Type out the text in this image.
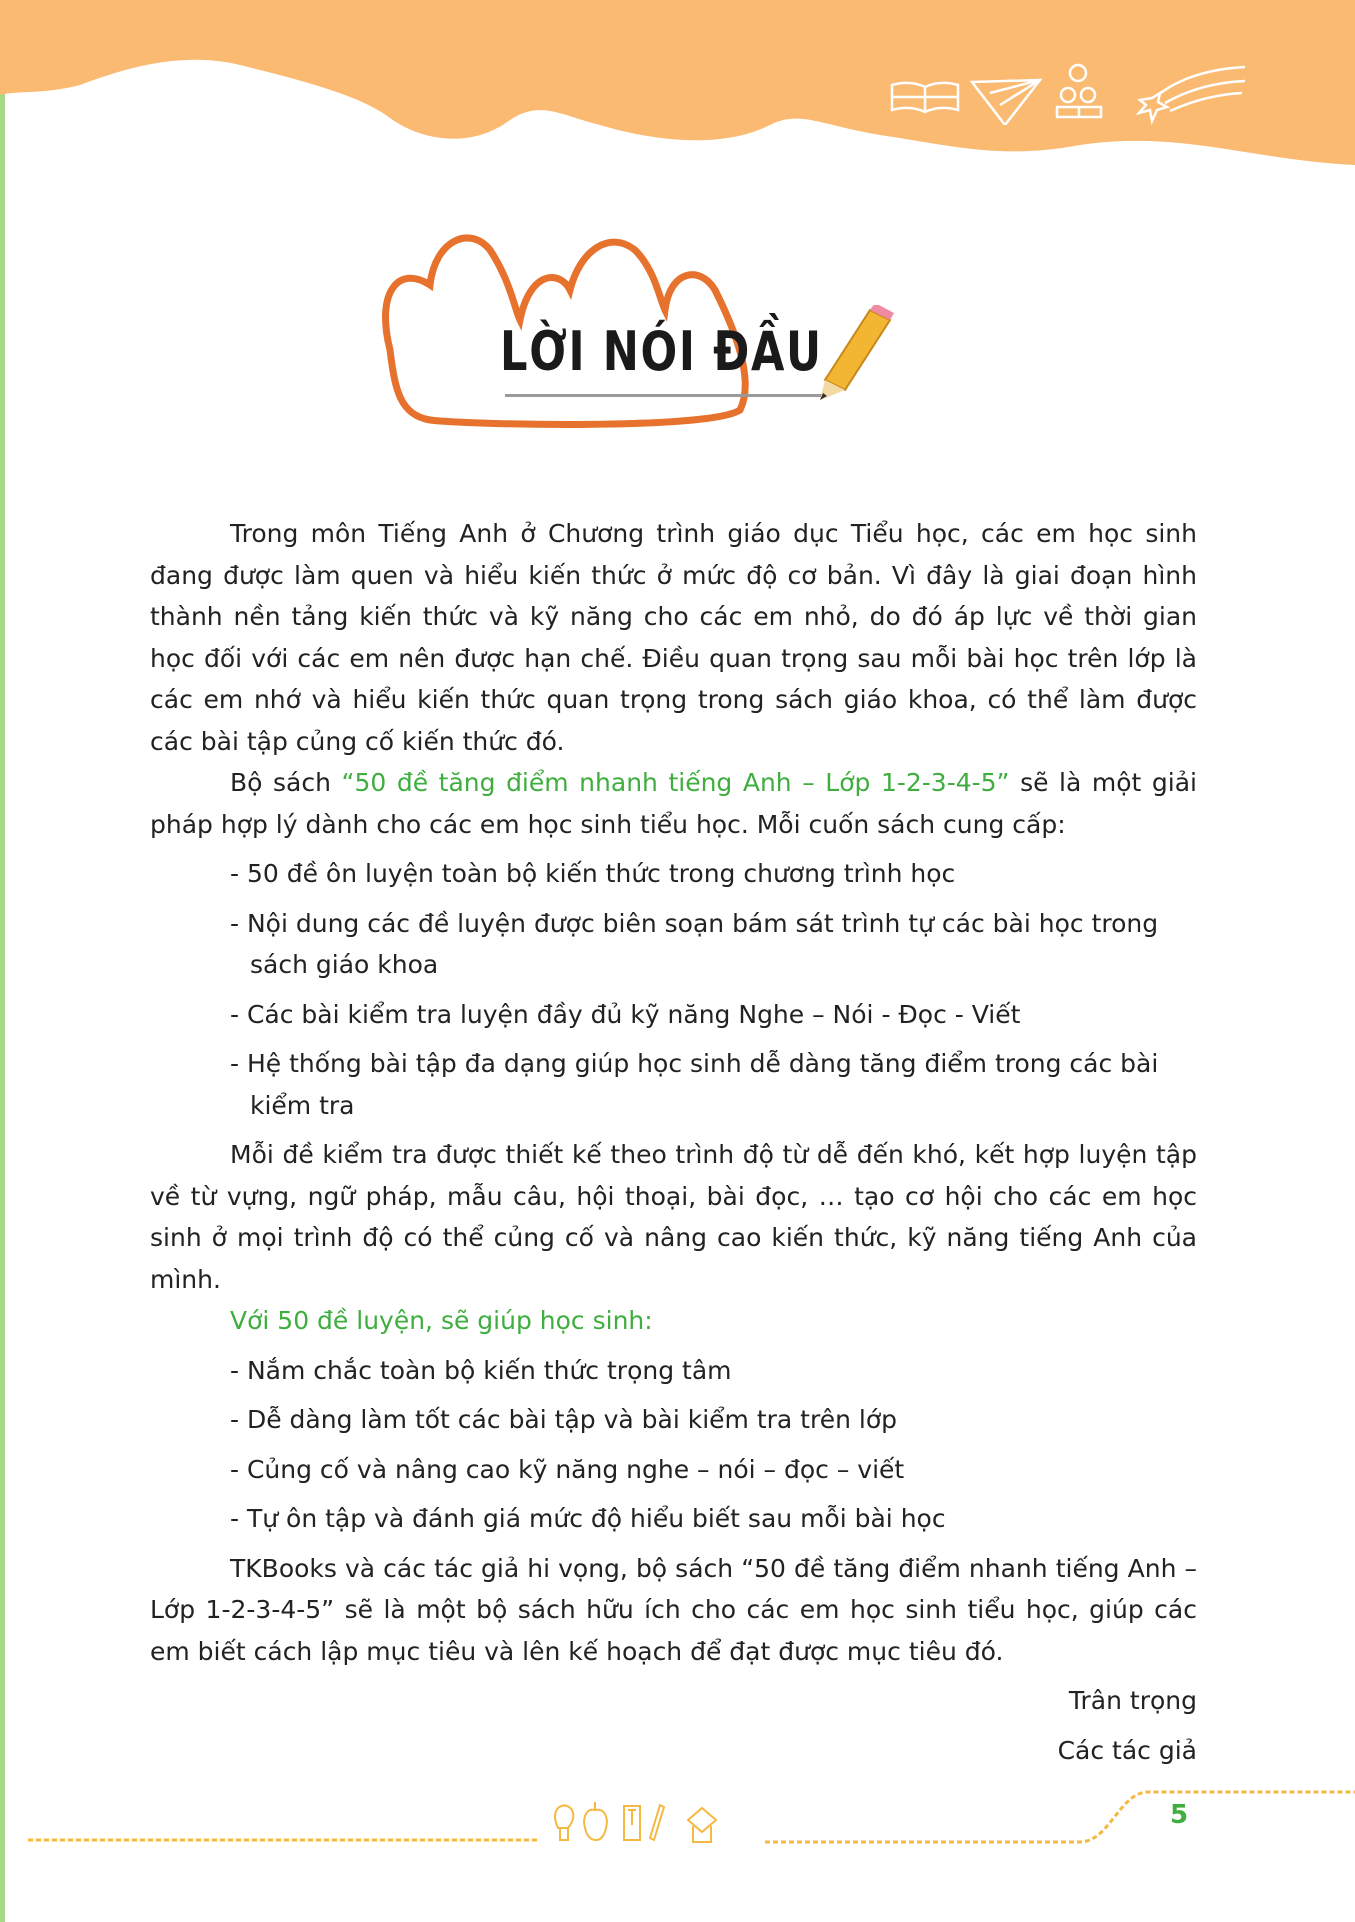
LỜI NÓI ĐẦU

Trong môn Tiếng Anh ở Chương trình giáo dục Tiểu học, các em học sinh đang được làm quen và hiểu kiến thức ở mức độ cơ bản. Vì đây là giai đoạn hình thành nền tảng kiến thức và kỹ năng cho các em nhỏ, do đó áp lực về thời gian học đối với các em nên được hạn chế. Điều quan trọng sau mỗi bài học trên lớp là các em nhớ và hiểu kiến thức quan trọng trong sách giáo khoa, có thể làm được các bài tập củng cố kiến thức đó.

Bộ sách “50 đề tăng điểm nhanh tiếng Anh – Lớp 1-2-3-4-5” sẽ là một giải pháp hợp lý dành cho các em học sinh tiểu học. Mỗi cuốn sách cung cấp:

- 50 đề ôn luyện toàn bộ kiến thức trong chương trình học
- Nội dung các đề luyện được biên soạn bám sát trình tự các bài học trong sách giáo khoa
- Các bài kiểm tra luyện đầy đủ kỹ năng Nghe – Nói - Đọc - Viết
- Hệ thống bài tập đa dạng giúp học sinh dễ dàng tăng điểm trong các bài kiểm tra

Mỗi đề kiểm tra được thiết kế theo trình độ từ dễ đến khó, kết hợp luyện tập về từ vựng, ngữ pháp, mẫu câu, hội thoại, bài đọc, … tạo cơ hội cho các em học sinh ở mọi trình độ có thể củng cố và nâng cao kiến thức, kỹ năng tiếng Anh của mình.

Với 50 đề luyện, sẽ giúp học sinh:

- Nắm chắc toàn bộ kiến thức trọng tâm
- Dễ dàng làm tốt các bài tập và bài kiểm tra trên lớp
- Củng cố và nâng cao kỹ năng nghe – nói – đọc – viết
- Tự ôn tập và đánh giá mức độ hiểu biết sau mỗi bài học

TKBooks và các tác giả hi vọng, bộ sách “50 đề tăng điểm nhanh tiếng Anh – Lớp 1-2-3-4-5” sẽ là một bộ sách hữu ích cho các em học sinh tiểu học, giúp các em biết cách lập mục tiêu và lên kế hoạch để đạt được mục tiêu đó.

Trân trọng

Các tác giả

5
